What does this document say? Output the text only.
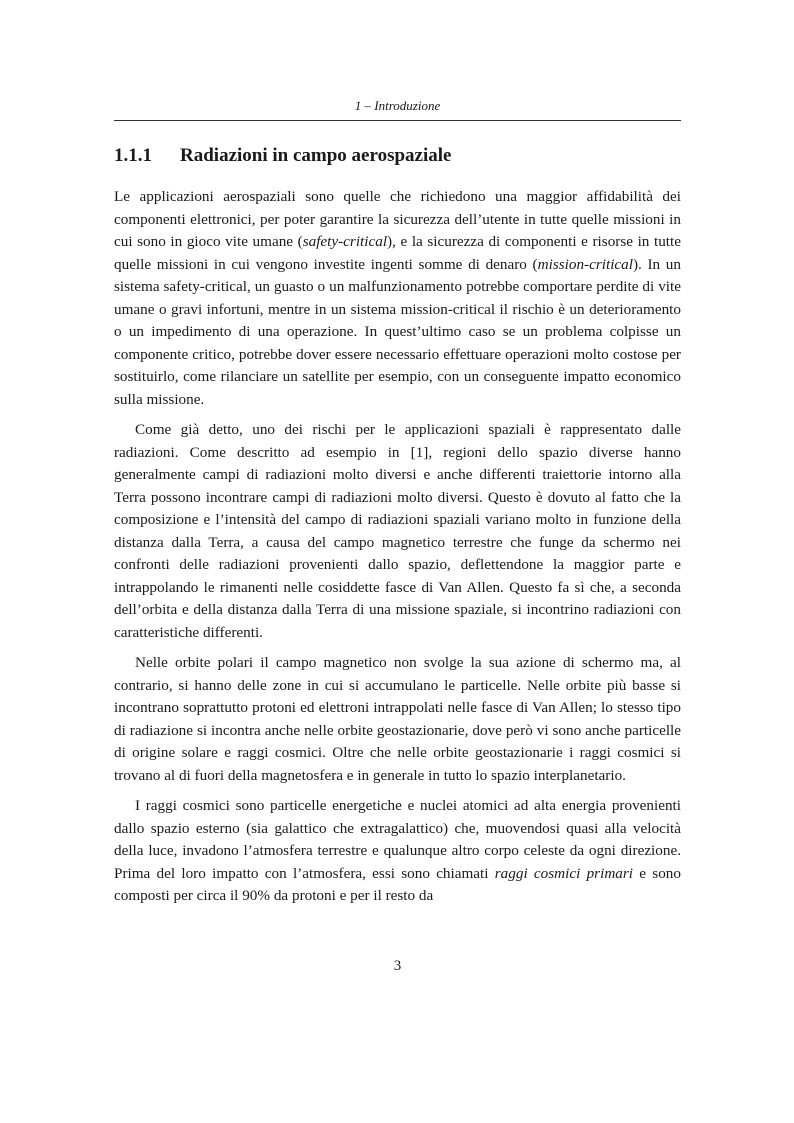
1 – Introduzione
1.1.1 Radiazioni in campo aerospaziale

Le applicazioni aerospaziali sono quelle che richiedono una maggior affidabilità dei componenti elettronici, per poter garantire la sicurezza dell’utente in tutte quelle missioni in cui sono in gioco vite umane (safety-critical), e la sicurezza di componenti e risorse in tutte quelle missioni in cui vengono investite ingenti somme di denaro (mission-critical). In un sistema safety-critical, un guasto o un malfunzionamento potrebbe comportare perdite di vite umane o gravi infortuni, mentre in un sistema mission-critical il rischio è un deterioramento o un impedimento di una operazione. In quest’ultimo caso se un problema colpisse un componente critico, potrebbe dover essere necessario effettuare operazioni molto costose per sostituirlo, come rilanciare un satellite per esempio, con un conseguente impatto economico sulla missione.

Come già detto, uno dei rischi per le applicazioni spaziali è rappresentato dalle radiazioni. Come descritto ad esempio in [1], regioni dello spazio diverse hanno generalmente campi di radiazioni molto diversi e anche differenti traiettorie intorno alla Terra possono incontrare campi di radiazioni molto diversi. Questo è dovuto al fatto che la composizione e l’intensità del campo di radiazioni spaziali variano molto in funzione della distanza dalla Terra, a causa del campo magnetico terrestre che funge da schermo nei confronti delle radiazioni provenienti dallo spazio, deflettendone la maggior parte e intrappolando le rimanenti nelle cosiddette fasce di Van Allen. Questo fa sì che, a seconda dell’orbita e della distanza dalla Terra di una missione spaziale, si incontrino radiazioni con caratteristiche differenti.

Nelle orbite polari il campo magnetico non svolge la sua azione di schermo ma, al contrario, si hanno delle zone in cui si accumulano le particelle. Nelle orbite più basse si incontrano soprattutto protoni ed elettroni intrappolati nelle fasce di Van Allen; lo stesso tipo di radiazione si incontra anche nelle orbite geostazionarie, dove però vi sono anche particelle di origine solare e raggi cosmici. Oltre che nelle orbite geostazionarie i raggi cosmici si trovano al di fuori della magnetosfera e in generale in tutto lo spazio interplanetario.

I raggi cosmici sono particelle energetiche e nuclei atomici ad alta energia provenienti dallo spazio esterno (sia galattico che extragalattico) che, muovendosi quasi alla velocità della luce, invadono l’atmosfera terrestre e qualunque altro corpo celeste da ogni direzione. Prima del loro impatto con l’atmosfera, essi sono chiamati raggi cosmici primari e sono composti per circa il 90% da protoni e per il resto da

3
